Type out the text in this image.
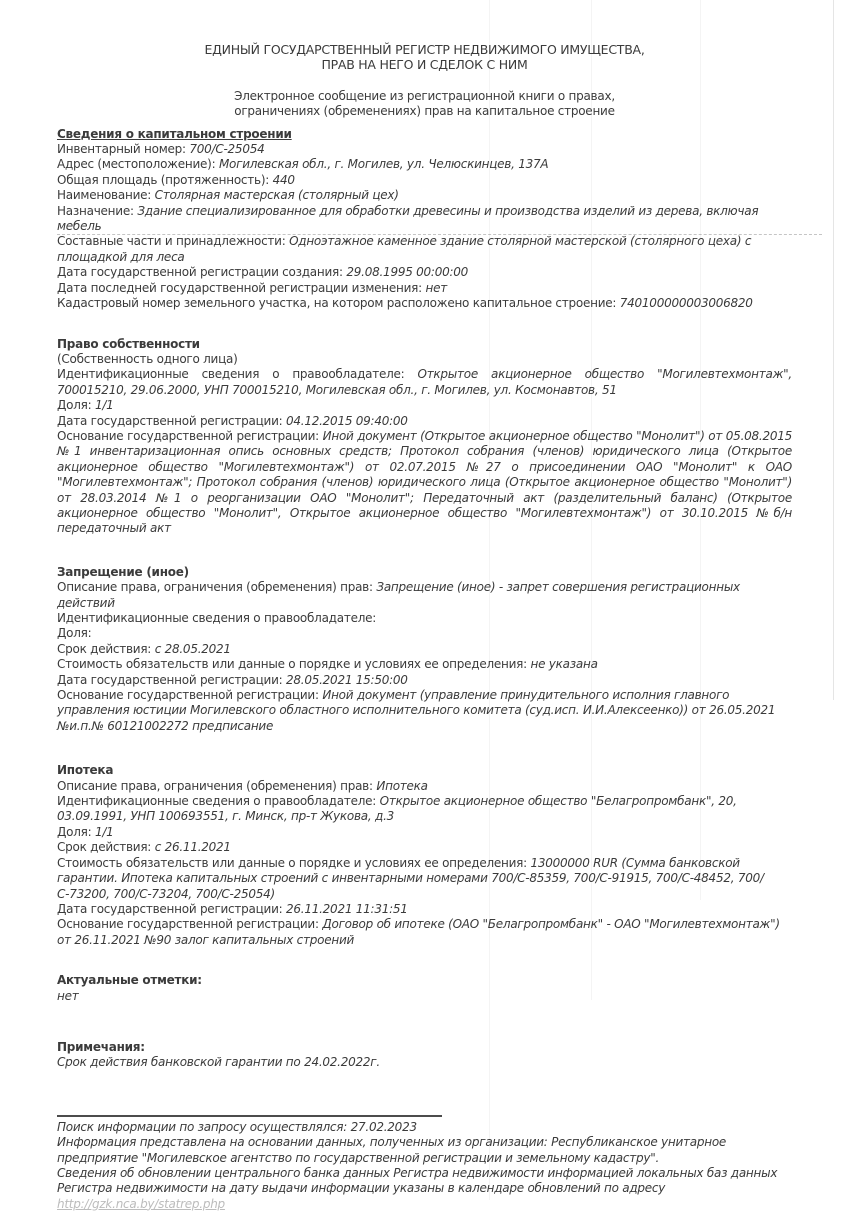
ЕДИНЫЙ ГОСУДАРСТВЕННЫЙ РЕГИСТР НЕДВИЖИМОГО ИМУЩЕСТВА,
ПРАВ НА НЕГО И СДЕЛОК С НИМ

Электронное сообщение из регистрационной книги о правах,
ограничениях (обременениях) прав на капитальное строение

Сведения о капитальном строении

Инвентарный номер: 700/С-25054

Адрес (местоположение): Могилевская обл., г. Могилев, ул. Челюскинцев, 137А

Общая площадь (протяженность): 440

Наименование: Столярная мастерская (столярный цех)

Назначение: Здание специализированное для обработки древесины и производства изделий из дерева, включая мебель

Составные части и принадлежности: Одноэтажное каменное здание столярной мастерской (столярного цеха) с площадкой для леса

Дата государственной регистрации создания: 29.08.1995 00:00:00

Дата последней государственной регистрации изменения: нет

Кадастровый номер земельного участка, на котором расположено капитальное строение: 740100000003006820

Право собственности

(Собственность одного лица)

Идентификационные сведения о правообладателе: Открытое акционерное общество "Могилевтехмонтаж", 700015210, 29.06.2000, УНП 700015210, Могилевская обл., г. Могилев, ул. Космонавтов, 51

Доля: 1/1

Дата государственной регистрации: 04.12.2015 09:40:00

Основание государственной регистрации: Иной документ (Открытое акционерное общество "Монолит") от 05.08.2015 №1 инвентаризационная опись основных средств; Протокол собрания (членов) юридического лица (Открытое акционерное общество "Могилевтехмонтаж") от 02.07.2015 №27 о присоединении ОАО "Монолит" к ОАО "Могилевтехмонтаж"; Протокол собрания (членов) юридического лица (Открытое акционерное общество "Монолит") от 28.03.2014 №1 о реорганизации ОАО "Монолит"; Передаточный акт (разделительный баланс) (Открытое акционерное общество "Монолит", Открытое акционерное общество "Могилевтехмонтаж") от 30.10.2015 №б/н передаточный акт

Запрещение (иное)

Описание права, ограничения (обременения) прав: Запрещение (иное) - запрет совершения регистрационных действий

Идентификационные сведения о правообладателе:

Доля:

Срок действия: с 28.05.2021

Стоимость обязательств или данные о порядке и условиях ее определения: не указана

Дата государственной регистрации: 28.05.2021 15:50:00

Основание государственной регистрации: Иной документ (управление принудительного исполния главного управления юстиции Могилевского областного исполнительного комитета (суд.исп. И.И.Алексеенко)) от 26.05.2021 №и.п.№ 60121002272 предписание

Ипотека

Описание права, ограничения (обременения) прав: Ипотека

Идентификационные сведения о правообладателе: Открытое акционерное общество "Белагропромбанк", 20, 03.09.1991, УНП 100693551, г. Минск, пр-т Жукова, д.3

Доля: 1/1

Срок действия: с 26.11.2021

Стоимость обязательств или данные о порядке и условиях ее определения: 13000000 RUR (Сумма банковской гарантии. Ипотека капитальных строений с инвентарными номерами 700/С-85359, 700/С-91915, 700/С-48452, 700/С-73200, 700/С-73204, 700/С-25054)

Дата государственной регистрации: 26.11.2021 11:31:51

Основание государственной регистрации: Договор об ипотеке (ОАО "Белагропромбанк" - ОАО "Могилевтехмонтаж") от 26.11.2021 №90 залог капитальных строений

Актуальные отметки:

нет

Примечания:

Срок действия банковской гарантии по 24.02.2022г.

Поиск информации по запросу осуществлялся: 27.02.2023

Информация представлена на основании данных, полученных из организации: Республиканское унитарное предприятие "Могилевское агентство по государственной регистрации и земельному кадастру".

Сведения об обновлении центрального банка данных Регистра недвижимости информацией локальных баз данных Регистра недвижимости на дату выдачи информации указаны в календаре обновлений по адресу

http://gzk.nca.by/statrep.php
